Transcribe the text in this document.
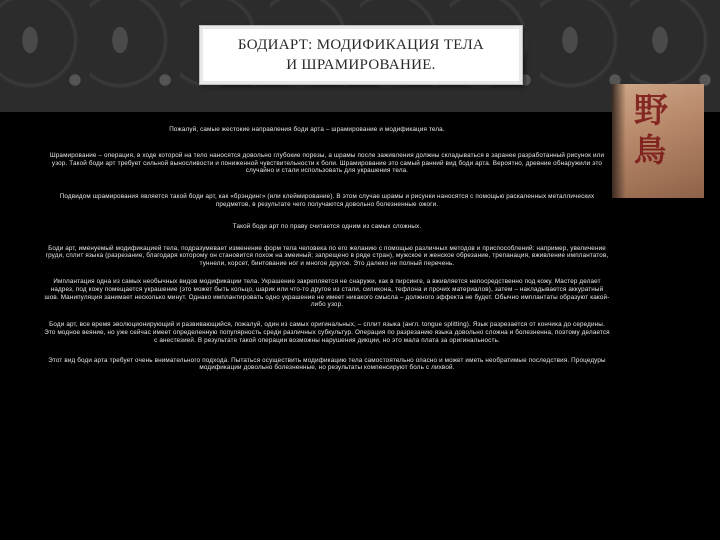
БОДИАРТ: МОДИФИКАЦИЯ ТЕЛА
И ШРАМИРОВАНИЕ.

野
鳥

Пожалуй, самые жестокие направления боди арта – шрамирование и модификация тела.

Шрамирование – операция, в ходе которой на тело наносятся довольно глубокие порезы, а шрамы после заживления должны складываться в заранее разработанный рисунок или узор. Такой боди арт требует сильной выносливости и пониженной чувствительности к боли. Шрамирование это самый ранний вид боди арта. Вероятно, древние обнаружили это случайно и стали использовать для украшения тела.

Подвидом шрамирования является такой боди арт, как «брэндинг» (или клеймирование). В этом случае шрамы и рисунки наносятся с помощью раскаленных металлических предметов, в результате чего получаются довольно болезненные ожоги.

Такой боди арт по праву считается одним из самых сложных.

Боди арт, именуемый модификацией тела, подразумевает изменение форм тела человека по его желанию с помощью различных методов и приспособлений: например, увеличение груди, сплит языка (разрезание, благодаря которому он становится похож на змеиный; запрещено в ряде стран), мужское и женское обрезание, трепанация, вживление имплантатов, туннели, корсет, бинтование ног и многое другое. Это далеко не полный перечень.

Имплантация одна из самых необычных видов модификации тела. Украшение закрепляется не снаружи, как в пирсинге, а вживляется непосредственно под кожу. Мастер делает надрез, под кожу помещается украшение (это может быть кольцо, шарик или что-то другое из стали, силикона, тефлона и прочих материалов), затем – накладывается аккуратный шов. Манипуляция занимает несколько минут. Однако имплантировать одно украшение не имеет никакого смысла – должного эффекта не будет. Обычно имплантаты образуют какой-либо узор.

Боди арт, все время эволюционирующий и развивающийся, пожалуй, один из самых оригинальных, – сплит языка (англ. tongue splitting). Язык разрезается от кончика до середины. Это модное веяние, но уже сейчас имеет определенную популярность среди различных субкультур. Операция по разрезанию языка довольно сложна и болезненна, поэтому делается с анестезией. В результате такой операции возможны нарушения дикции, но это мала плата за оригинальность.

Этот вид боди арта требует очень внимательного подхода. Пытаться осуществить модификацию тела самостоятельно опасно и может иметь необратимые последствия. Процедуры модификации довольно болезненные, но результаты компенсируют боль с лихвой.
